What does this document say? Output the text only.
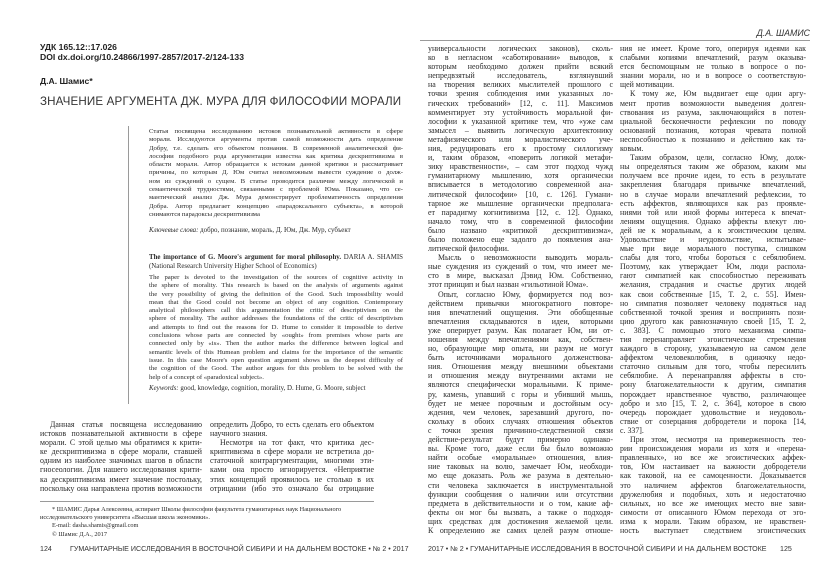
УДК 165.12::17.026
DOI dx.doi.org/10.24866/1997-2857/2017-2/124-133
Д.А. Шамис*
ЗНАЧЕНИЕ АРГУМЕНТА ДЖ. МУРА ДЛЯ ФИЛОСОФИИ МОРАЛИ
Статья посвящена исследованию истоков познавательной активности в сфере
морали. Исследуются аргументы против самой возможности дать определение
Добру, т.е. сделать его объектом познания. В современной аналитической фи-
лософии подобного рода аргументация известна как критика дескриптивизма в
области морали. Автор обращается к истокам данной критики и рассматривает
причины, по которым Д. Юм считал невозможным вывести суждение о долж-
ном из суждений о сущем. В статье проводится различие между логической и
семантической трудностями, связанными с проблемой Юма. Показано, что се-
мантический анализ Дж. Мура демонстрирует проблематичность определения
Добра. Автор предлагает концепцию «парадоксального субъекта», в которой
снимаются парадоксы дескриптивизма
Ключевые слова: добро, познание, мораль, Д. Юм, Дж. Мур, субъект
The importance of G. Moore's argument for moral philosophy. DARIA A. SHAMIS (National Research University Higher School of Economics)
The paper is devoted to the investigation of the sources of cognitive activity in
the sphere of morality. This research is based on the analysis of arguments against
the very possibility of giving the definition of the Good. Such impossibility would
mean that the Good could not become an object of any cognition. Contemporary
analytical philosophers call this argumentation the critic of descriptivism on the
sphere of morality. The author addresses the foundations of the critic of descriptivism
and attempts to find out the reasons for D. Hume to consider it impossible to derive
conclusions whose parts are connected by «ought» from premises whose parts are
connected only by «is». Then the author marks the difference between logical and
semantic levels of this Humean problem and claims for the importance of the semantic
issue. In this case Moore's open question argument shows us the deepest difficulty of
the cognition of the Good. The author argues for this problem to be solved with the
help of a concept of «paradoxical subject».
Keywords: good, knowledge, cognition, morality, D. Hume, G. Moore, subject
Данная статья посвящена исследованию
истоков познавательной активности в сфере
морали. С этой целью мы обратимся к крити-
ке дескриптивизма в сфере морали, ставшей
одним из наиболее значимых шагов в области
гносеологии. Для нашего исследования крити-
ка дескриптивизма имеет значение постольку,
поскольку она направлена против возможности
определить Добро, то есть сделать его объектом
научного знания.
Несмотря на тот факт, что критика дес-
криптивизма в сфере морали не встретила до-
статочной контраргументации, многими эти-
ками она просто игнорируется. «Неприятие
этих концепций проявилось не столько в их
отрицании (ибо это означало бы отрицание
* ШАМИС Дарья Алексеевна, аспирант Школы философии факультета гуманитарных наук Национального
исследовательского университета «Высшая школа экономики».
E-mail: dasha.shamis@gmail.com
© Шамис Д.А., 2017
124	ГУМАНИТАРНЫЕ ИССЛЕДОВАНИЯ В ВОСТОЧНОЙ СИБИРИ И НА ДАЛЬНЕМ ВОСТОКЕ • № 2 • 2017
Д.А. ШАМИС
универсальности логических законов), сколь-
ко в негласном «саботировании» выводов, к
которым необходимо должен прийти всякий
непредвзятый исследователь, взглянувший
на творения великих мыслителей прошлого с
точки зрения соблюдения ими указанных ло-
гических требований» [12, с. 11]. Максимов
комментирует эту устойчивость моральной фи-
лософии к указанной критике тем, что «уже сам
замысел – выявить логическую архитектонику
метафизического или моралистического уче-
ния, редуцировать его к простому силлогизму
и, таким образом, «поверить логикой метафи-
зику нравственности», – сам этот подход чужд
гуманитарному мышлению, хотя органически
вписывается в методологию современной ана-
литической философии» [10, с. 126]. Гумани-
тарное же мышление органически предполага-
ет парадигму когнитивизма [12, с. 12]. Однако,
начало тому, что в современной философии
было названо «критикой дескриптивизма»,
было положено еще задолго до появления ана-
литической философии.
Мысль о невозможности выводить мораль-
ные суждения из суждений о том, что имеет ме-
сто в мире, высказал Дэвид Юм. Собственно,
этот принцип и был назван «гильотиной Юма».
Опыт, согласно Юму, формируется под воз-
действием привычки многократного повторе-
ния впечатлений ощущения. Эти обобщенные
впечатления складываются в идеи, которыми
уже оперирует разум. Как полагает Юм, ни от-
ношения между впечатлениями как, собствен-
но, образующие мир опыта, ни разум не могут
быть источниками морального долженствова-
ния. Отношения между внешними объектами
и отношения между внутренними актами не
являются специфически моральными. К приме-
ру, камень, упавший с горы и убивший мышь,
будет не менее порочным и достойным осу-
ждения, чем человек, зарезавший другого, по-
скольку в обоих случаях отношения объектов
с точки зрения причинно-следственной связи
действие-результат будут примерно одинако-
вы. Кроме того, даже если бы было возможно
найти особые «моральные» отношения, влия-
ние таковых на волю, замечает Юм, необходи-
мо еще доказать. Роль же разума в деятельно-
сти человека заключается в инструментальной
функции сообщения о наличии или отсутствии
предмета в действительности и о том, какие аф-
фекты он мог бы вызвать, а также о подходя-
щих средствах для достижения желаемой цели.
К определению же самих целей разум отноше-
ния не имеет. Кроме того, оперируя идеями как
слабыми копиями впечатлений, разум оказыва-
ется беспомощным не только в вопросе о по-
знании морали, но и в вопросе о соответствую-
щей мотивации.
К тому же, Юм выдвигает еще один аргу-
мент против возможности выведения долген-
ствования из разума, заключающийся в потен-
циальной бесконечности рефлексии по поводу
оснований познания, которая чревата полной
неспособностью к познанию и действию как та-
ковым.
Таким образом, цели, согласно Юму, долж-
ны определяться таким же образом, каким мы
получаем все прочие идеи, то есть в результате
закрепления благодаря привычке впечатлений,
но в случае морали впечатлений рефлексии, то
есть аффектов, являющихся как раз проявле-
ниями той или иной формы интереса к впечат-
лениям ощущения. Однако аффекты влекут лю-
дей не к моральным, а к эгоистическим целям.
Удовольствие и неудовольствие, испытывае-
мые при виде морального поступка, слишком
слабы для того, чтобы бороться с себялюбием.
Поэтому, как утверждает Юм, люди распола-
гают симпатией как способностью переживать
желания, страдания и счастье других людей
как свои собственные [15, Т. 2, с. 55]. Имен-
но симпатия позволяет человеку подняться над
собственной точкой зрения и воспринять пози-
цию другого как равнозначную своей [15, Т. 2,
с. 383]. С помощью этого механизма симпа-
тия перенаправляет эгоистические стремления
каждого в сторону, указываемую на самом деле
аффектом человеколюбия, в одиночку недо-
статочно сильным для того, чтобы пересилить
себялюбие. А перенаправляя аффекты в сто-
рону благожелательности к другим, симпатия
порождает нравственное чувство, различающее
добро и зло [15, Т. 2, с. 364], которое в свою
очередь порождает удовольствие и неудоволь-
ствие от созерцания добродетели и порока [14,
с. 337].
При этом, несмотря на приверженность тео-
рии происхождения морали из хотя и «перена-
правленных», но все же эгоистических аффек-
тов, Юм настаивает на важности добродетели
как таковой, на ее самоценности. Доказывается
это наличием аффектов благожелательности,
дружелюбия и подобных, хоть и недостаточно
сильных, но все же имеющих место вне зави-
симости от описанного Юмом перехода от эго-
изма к морали. Таким образом, не нравствен-
ность выступает следствием эгоистических
2017 • № 2 • ГУМАНИТАРНЫЕ ИССЛЕДОВАНИЯ В ВОСТОЧНОЙ СИБИРИ И НА ДАЛЬНЕМ ВОСТОКЕ 125
